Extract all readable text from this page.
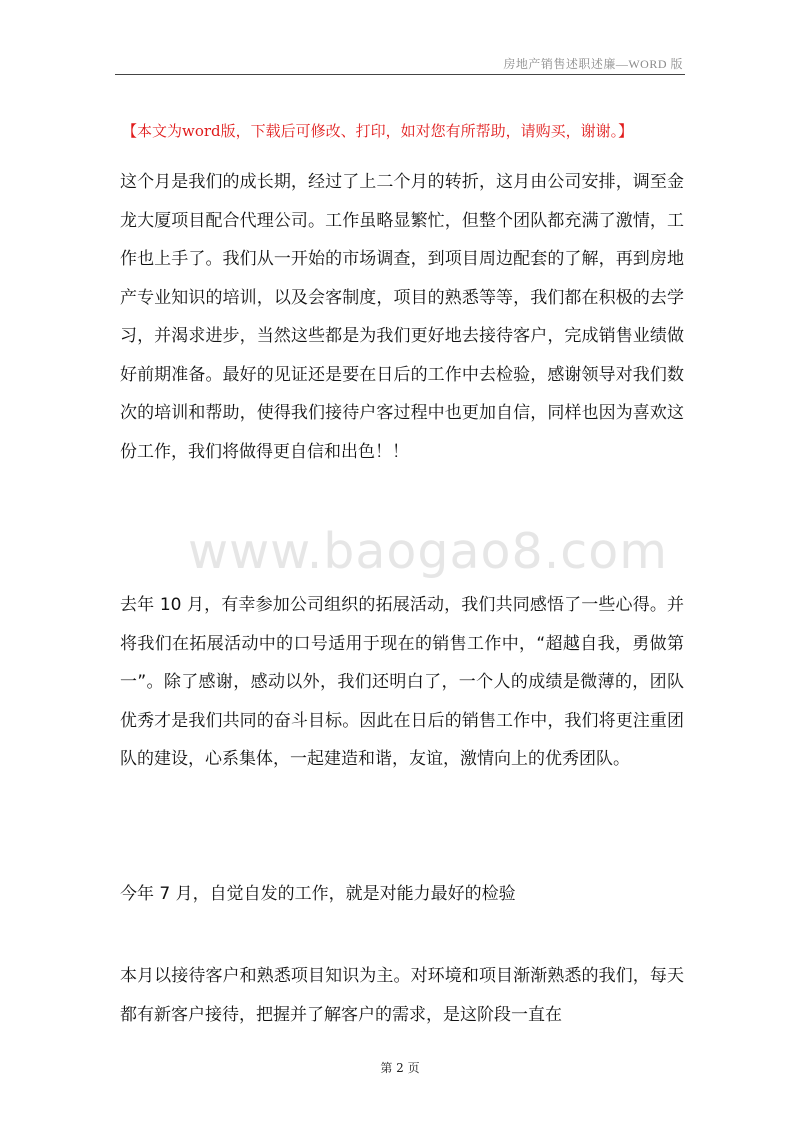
房地产销售述职述廉—WORD 版
【本文为word版，下载后可修改、打印，如对您有所帮助，请购买，谢谢。】

这个月是我们的成长期，经过了上二个月的转折，这月由公司安排，调至金龙大厦项目配合代理公司。工作虽略显繁忙，但整个团队都充满了激情，工作也上手了。我们从一开始的市场调查，到项目周边配套的了解，再到房地产专业知识的培训，以及会客制度，项目的熟悉等等，我们都在积极的去学习，并渴求进步，当然这些都是为我们更好地去接待客户，完成销售业绩做好前期准备。最好的见证还是要在日后的工作中去检验，感谢领导对我们数次的培训和帮助，使得我们接待户客过程中也更加自信，同样也因为喜欢这份工作，我们将做得更自信和出色！！

www.baogao8.com

去年 10 月，有幸参加公司组织的拓展活动，我们共同感悟了一些心得。并将我们在拓展活动中的口号适用于现在的销售工作中，“超越自我，勇做第一”。除了感谢，感动以外，我们还明白了，一个人的成绩是微薄的，团队优秀才是我们共同的奋斗目标。因此在日后的销售工作中，我们将更注重团队的建设，心系集体，一起建造和谐，友谊，激情向上的优秀团队。

今年 7 月，自觉自发的工作，就是对能力最好的检验

本月以接待客户和熟悉项目知识为主。对环境和项目渐渐熟悉的我们，每天都有新客户接待，把握并了解客户的需求，是这阶段一直在

第 2 页
